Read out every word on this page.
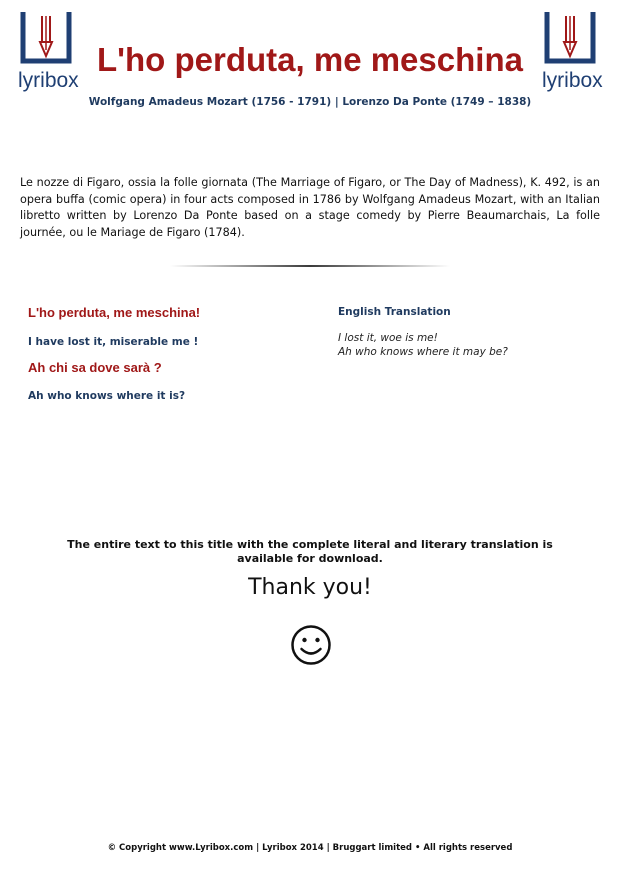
lyribox	lyribox
L'ho perduta, me meschina
Wolfgang Amadeus Mozart (1756 - 1791) | Lorenzo Da Ponte (1749 – 1838)
Le nozze di Figaro, ossia la folle giornata (The Marriage of Figaro, or The Day of Madness), K. 492, is an opera buffa (comic opera) in four acts composed in 1786 by Wolfgang Amadeus Mozart, with an Italian libretto written by Lorenzo Da Ponte based on a stage comedy by Pierre Beaumarchais, La folle journée, ou le Mariage de Figaro (1784).

L'ho perduta, me meschina!

I have lost it, miserable me !

Ah chi sa dove sarà ?

Ah who knows where it is?

English Translation

I lost it, woe is me!
Ah who knows where it may be?
The entire text to this title with the complete literal and literary translation is available for download.
Thank you!
© Copyright www.Lyribox.com | Lyribox 2014 | Bruggart limited • All rights reserved
